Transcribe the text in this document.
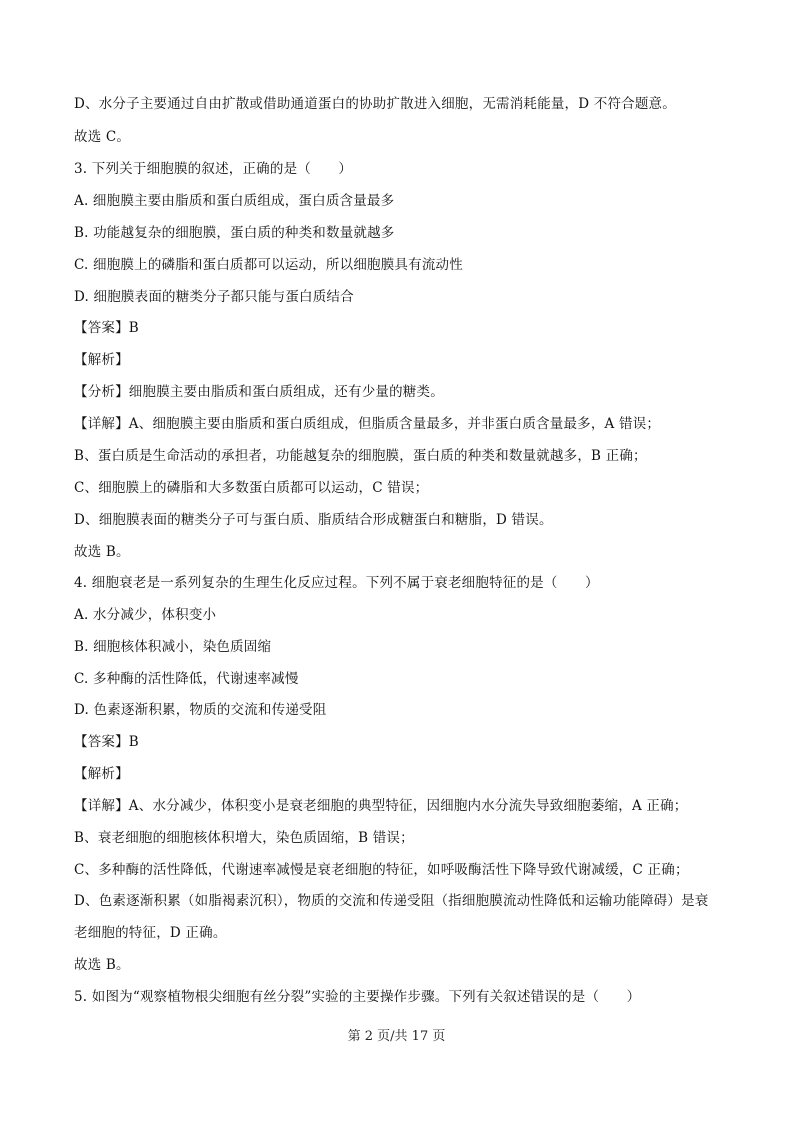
D、水分子主要通过自由扩散或借助通道蛋白的协助扩散进入细胞，无需消耗能量，D 不符合题意。
故选 C。
3. 下列关于细胞膜的叙述，正确的是（　　）
A. 细胞膜主要由脂质和蛋白质组成，蛋白质含量最多
B. 功能越复杂的细胞膜，蛋白质的种类和数量就越多
C. 细胞膜上的磷脂和蛋白质都可以运动，所以细胞膜具有流动性
D. 细胞膜表面的糖类分子都只能与蛋白质结合
【答案】B
【解析】
【分析】细胞膜主要由脂质和蛋白质组成，还有少量的糖类。
【详解】A、细胞膜主要由脂质和蛋白质组成，但脂质含量最多，并非蛋白质含量最多，A 错误；
B、蛋白质是生命活动的承担者，功能越复杂的细胞膜，蛋白质的种类和数量就越多，B 正确；
C、细胞膜上的磷脂和大多数蛋白质都可以运动，C 错误；
D、细胞膜表面的糖类分子可与蛋白质、脂质结合形成糖蛋白和糖脂，D 错误。
故选 B。
4. 细胞衰老是一系列复杂的生理生化反应过程。下列不属于衰老细胞特征的是（　　）
A. 水分减少，体积变小
B. 细胞核体积减小，染色质固缩
C. 多种酶的活性降低，代谢速率减慢
D. 色素逐渐积累，物质的交流和传递受阻
【答案】B
【解析】
【详解】A、水分减少，体积变小是衰老细胞的典型特征，因细胞内水分流失导致细胞萎缩，A 正确；
B、衰老细胞的细胞核体积增大，染色质固缩，B 错误；
C、多种酶的活性降低，代谢速率减慢是衰老细胞的特征，如呼吸酶活性下降导致代谢减缓，C 正确；
D、色素逐渐积累（如脂褐素沉积），物质的交流和传递受阻（指细胞膜流动性降低和运输功能障碍）是衰
老细胞的特征，D 正确。
故选 B。
5. 如图为“观察植物根尖细胞有丝分裂”实验的主要操作步骤。下列有关叙述错误的是（　　）
第 2 页/共 17 页
